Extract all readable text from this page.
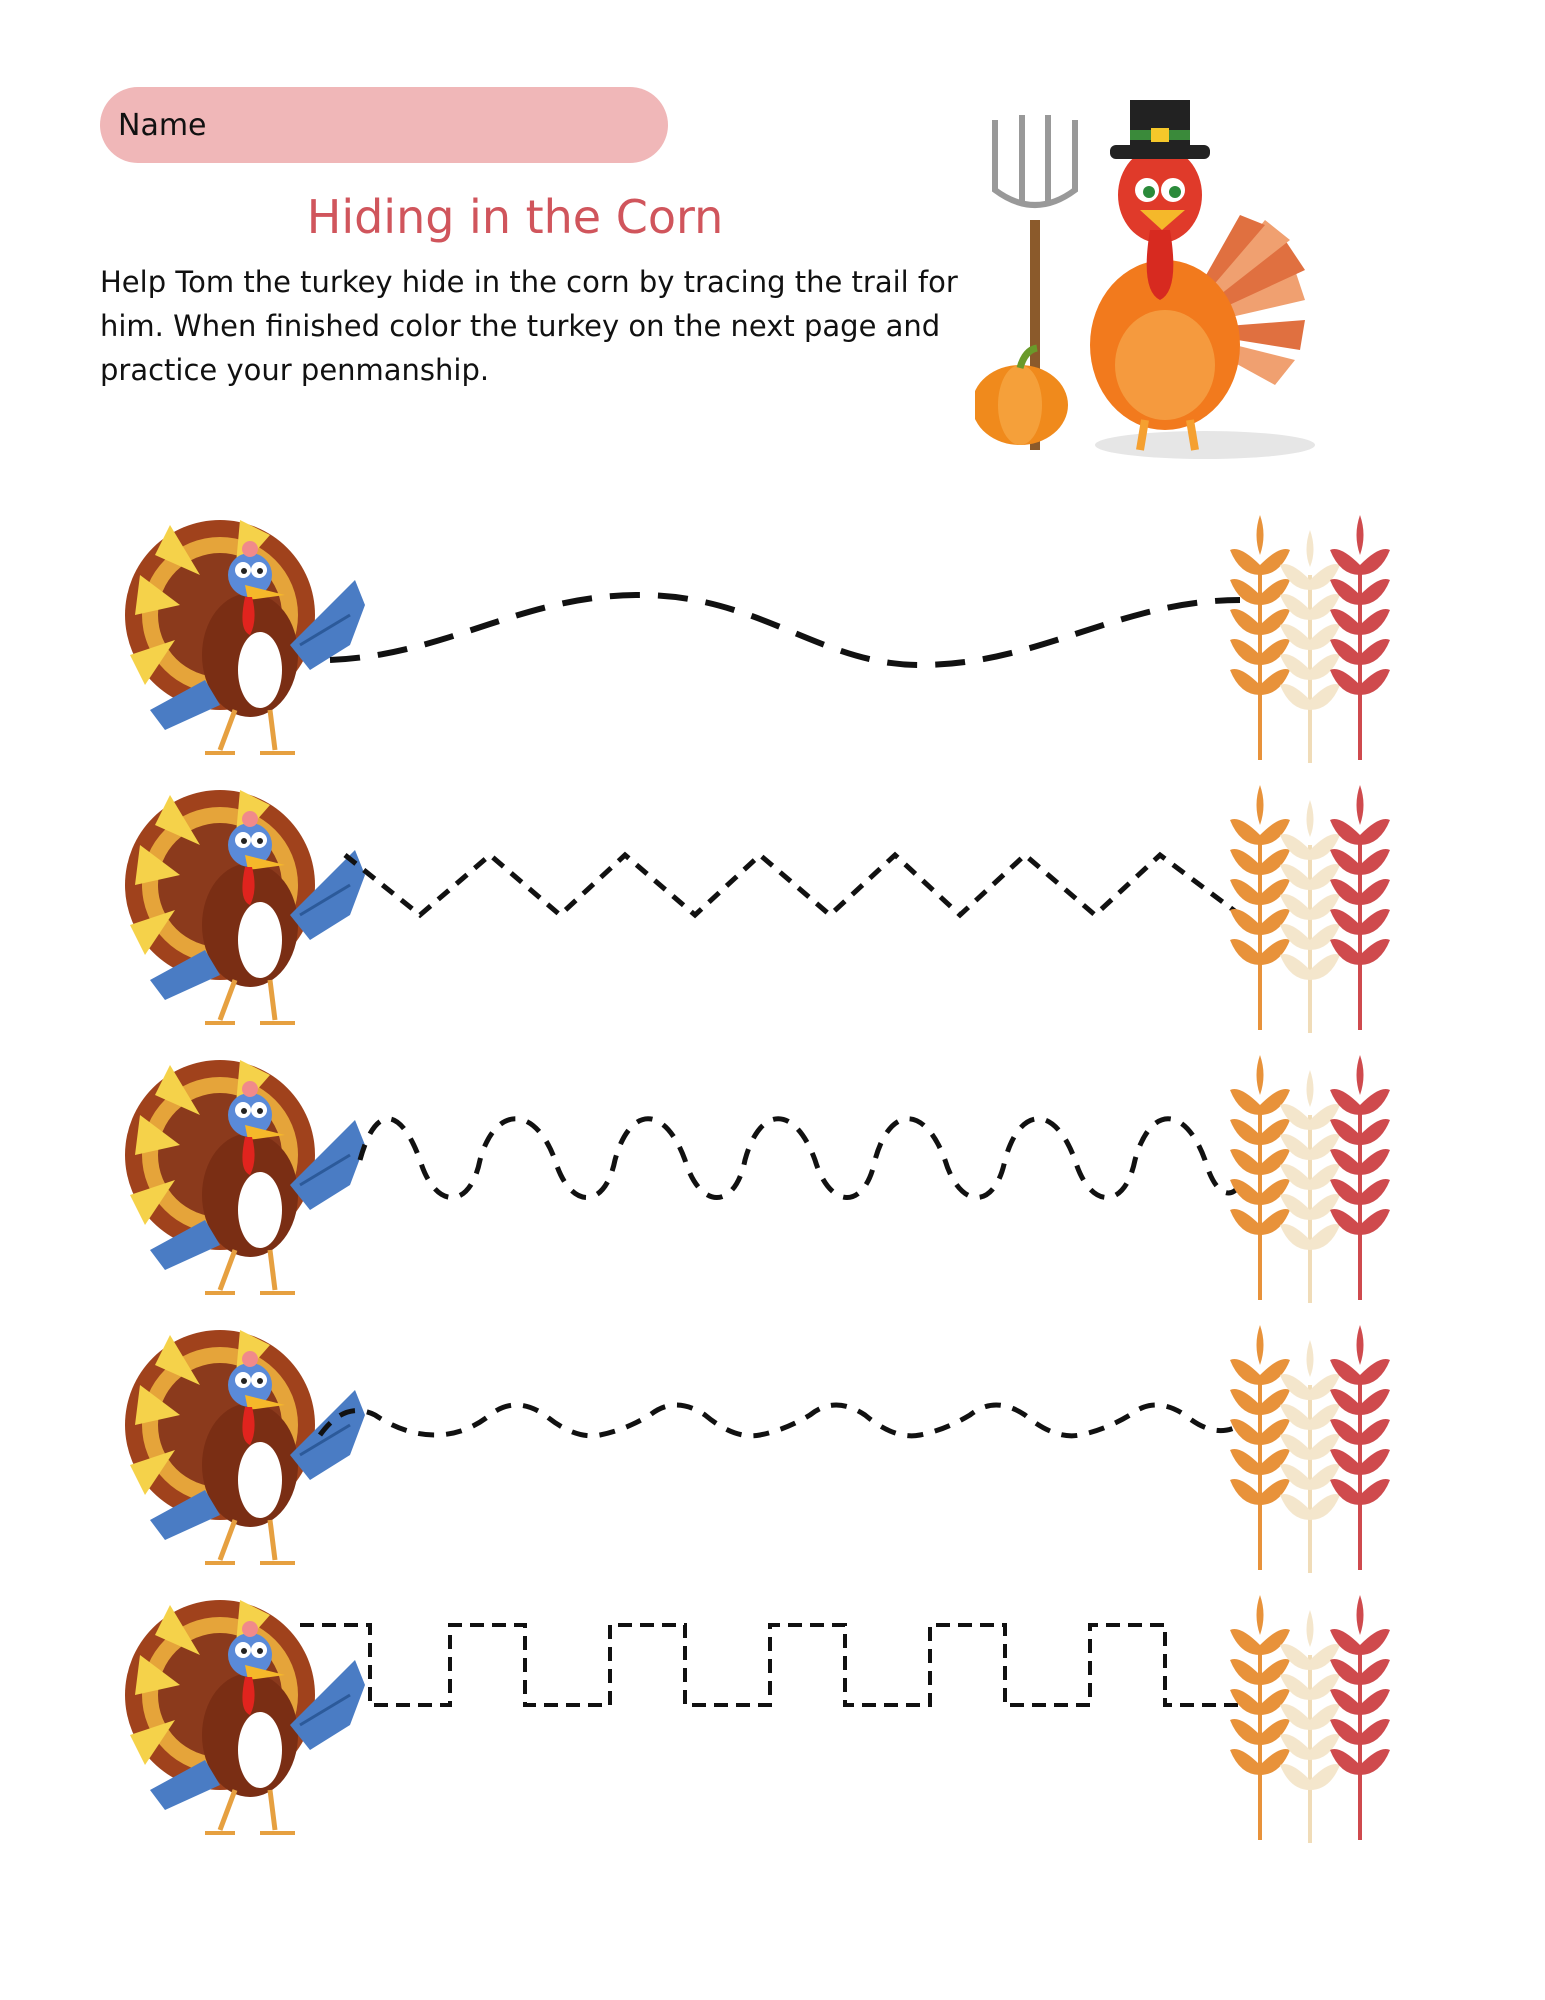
Name
Hiding in the Corn
Help Tom the turkey hide in the corn by tracing the trail for him. When finished color the turkey on the next page and practice your penmanship.
